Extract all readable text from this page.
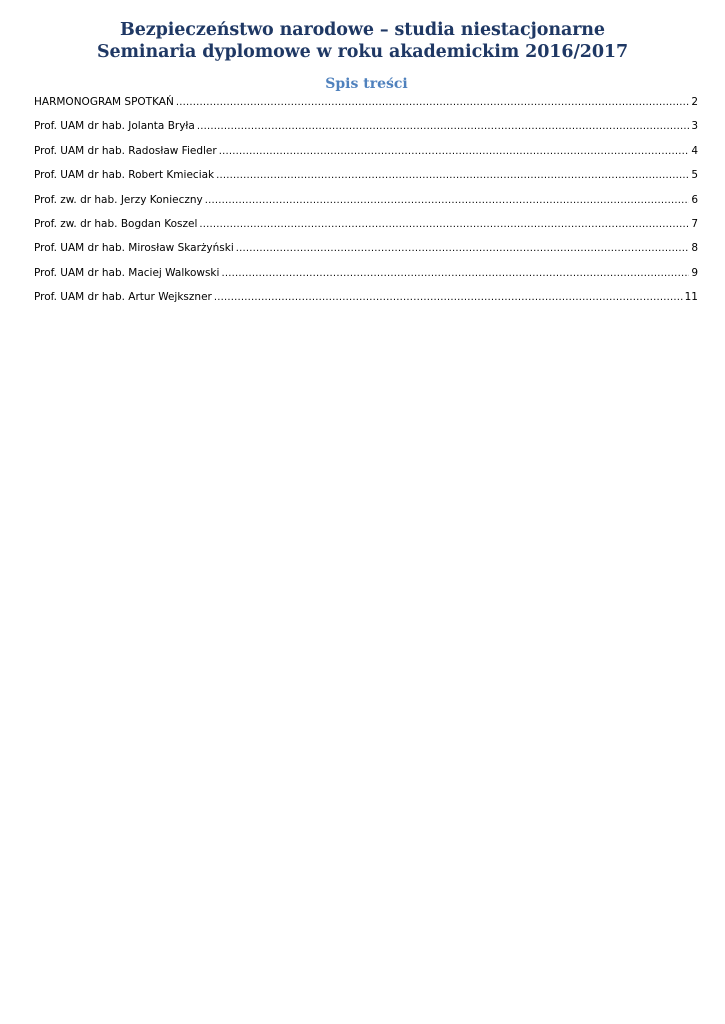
Bezpieczeństwo narodowe – studia niestacjonarne
Seminaria dyplomowe w roku akademickim 2016/2017
Spis treści
HARMONOGRAM SPOTKAŃ .....	2
Prof. UAM dr hab. Jolanta Bryła .....	3
Prof. UAM dr hab. Radosław Fiedler .....	4
Prof. UAM dr hab. Robert Kmieciak .....	5
Prof. zw. dr hab. Jerzy Konieczny .....	6
Prof. zw. dr hab. Bogdan Koszel .....	7
Prof. UAM dr hab. Mirosław Skarżyński .....	8
Prof. UAM dr hab. Maciej Walkowski .....	9
Prof. UAM dr hab. Artur Wejkszner .....	11
